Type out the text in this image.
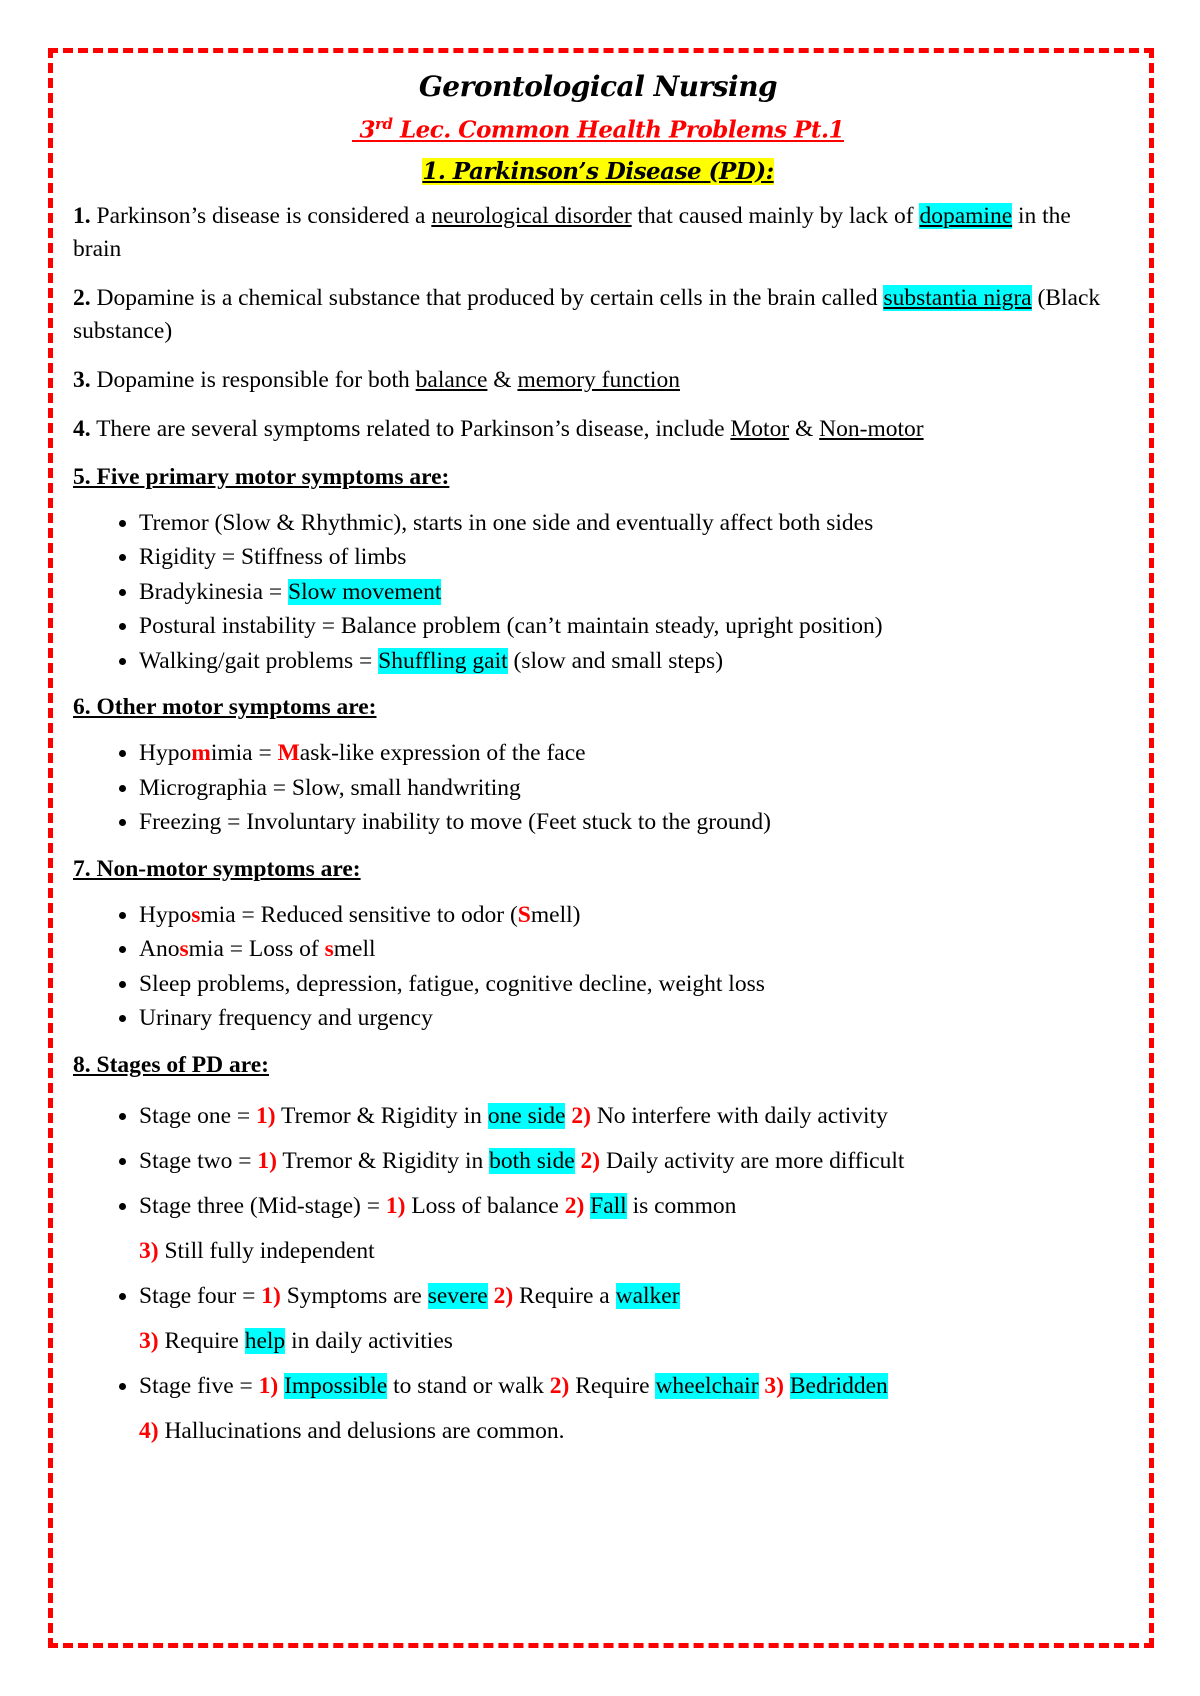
Gerontological Nursing
3rd Lec. Common Health Problems Pt.1
1. Parkinson’s Disease (PD):

1. Parkinson’s disease is considered a neurological disorder that caused mainly by lack of dopamine in the brain

2. Dopamine is a chemical substance that produced by certain cells in the brain called substantia nigra (Black substance)

3. Dopamine is responsible for both balance & memory function

4. There are several symptoms related to Parkinson’s disease, include Motor & Non-motor

5. Five primary motor symptoms are:
• Tremor (Slow & Rhythmic), starts in one side and eventually affect both sides
• Rigidity = Stiffness of limbs
• Bradykinesia = Slow movement
• Postural instability = Balance problem (can’t maintain steady, upright position)
• Walking/gait problems = Shuffling gait (slow and small steps)
6. Other motor symptoms are:
• Hypomimia = Mask-like expression of the face
• Micrographia = Slow, small handwriting
• Freezing = Involuntary inability to move (Feet stuck to the ground)
7. Non-motor symptoms are:
• Hyposmia = Reduced sensitive to odor (Smell)
• Anosmia = Loss of smell
• Sleep problems, depression, fatigue, cognitive decline, weight loss
• Urinary frequency and urgency
8. Stages of PD are:
• Stage one = 1) Tremor & Rigidity in one side 2) No interfere with daily activity
• Stage two = 1) Tremor & Rigidity in both side 2) Daily activity are more difficult
• Stage three (Mid-stage) = 1) Loss of balance 2) Fall is common
3) Still fully independent
• Stage four = 1) Symptoms are severe 2) Require a walker
3) Require help in daily activities
• Stage five = 1) Impossible to stand or walk 2) Require wheelchair 3) Bedridden
4) Hallucinations and delusions are common.
